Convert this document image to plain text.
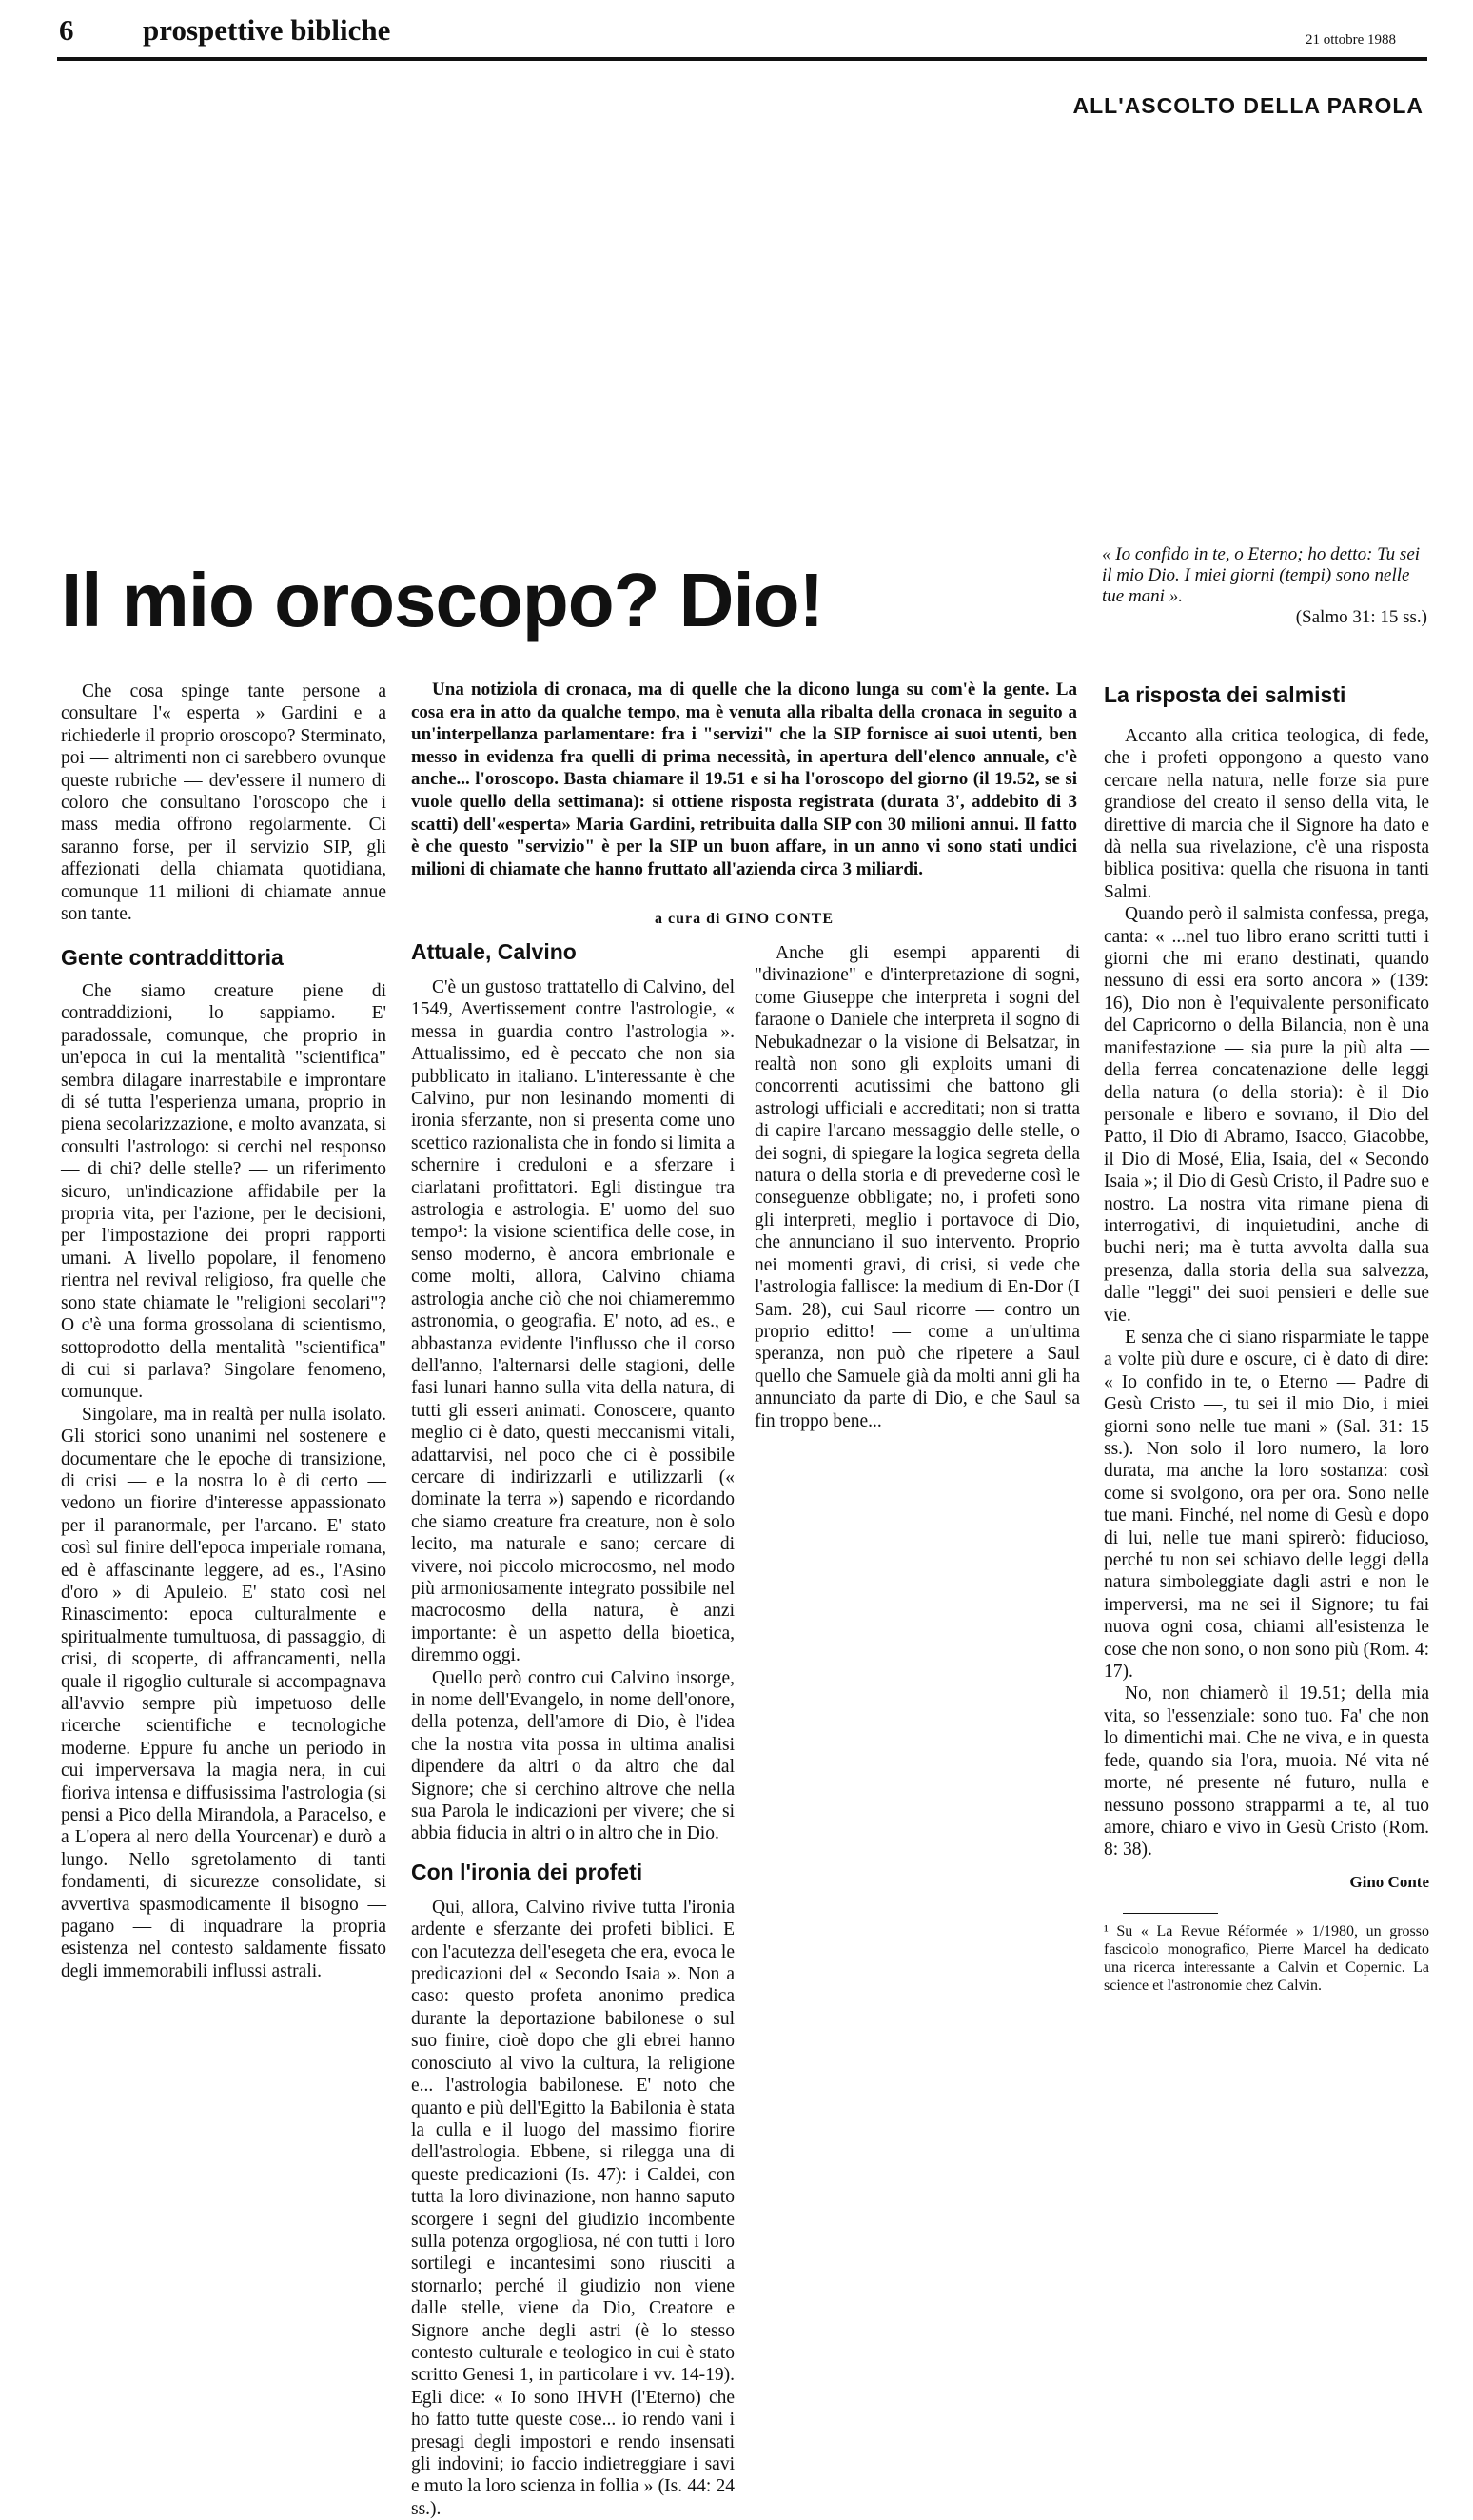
6 prospettive bibliche	21 ottobre 1988
ALL'ASCOLTO DELLA PAROLA
Il mio oroscopo? Dio!
« Io confido in te, o Eterno; ho detto: Tu sei il mio Dio. I miei giorni (tempi) sono nelle tue mani ».
(Salmo 31: 15 ss.)

Che cosa spinge tante persone a consultare l'« esperta » Gardini e a richiederle il proprio oroscopo? Sterminato, poi — altrimenti non ci sarebbero ovunque queste rubriche — dev'essere il numero di coloro che consultano l'oroscopo che i mass media offrono regolarmente. Ci saranno forse, per il servizio SIP, gli affezionati della chiamata quotidiana, comunque 11 milioni di chiamate annue son tante.

Una notiziola di cronaca, ma di quelle che la dicono lunga su com'è la gente. La cosa era in atto da qualche tempo, ma è venuta alla ribalta della cronaca in seguito a un'interpellanza parlamentare: fra i "servizi" che la SIP fornisce ai suoi utenti, ben messo in evidenza fra quelli di prima necessità, in apertura dell'elenco annuale, c'è anche... l'oroscopo. Basta chiamare il 19.51 e si ha l'oroscopo del giorno (il 19.52, se si vuole quello della settimana): si ottiene risposta registrata (durata 3', addebito di 3 scatti) dell'«esperta» Maria Gardini, retribuita dalla SIP con 30 milioni annui. Il fatto è che questo "servizio" è per la SIP un buon affare, in un anno vi sono stati undici milioni di chiamate che hanno fruttato all'azienda circa 3 miliardi.

a cura di GINO CONTE
Gente contraddittoria

Che siamo creature piene di contraddizioni, lo sappiamo. E' paradossale, comunque, che proprio in un'epoca in cui la mentalità "scientifica" sembra dilagare inarrestabile e improntare di sé tutta l'esperienza umana, proprio in piena secolarizzazione, e molto avanzata, si consulti l'astrologo: si cerchi nel responso — di chi? delle stelle? — un riferimento sicuro, un'indicazione affidabile per la propria vita, per l'azione, per le decisioni, per l'impostazione dei propri rapporti umani. A livello popolare, il fenomeno rientra nel revival religioso, fra quelle che sono state chiamate le "religioni secolari"? O c'è una forma grossolana di scientismo, sottoprodotto della mentalità "scientifica" di cui si parlava? Singolare fenomeno, comunque.

Singolare, ma in realtà per nulla isolato. Gli storici sono unanimi nel sostenere e documentare che le epoche di transizione, di crisi — e la nostra lo è di certo — vedono un fiorire d'interesse appassionato per il paranormale, per l'arcano. E' stato così sul finire dell'epoca imperiale romana, ed è affascinante leggere, ad es., l'Asino d'oro » di Apuleio. E' stato così nel Rinascimento: epoca culturalmente e spiritualmente tumultuosa, di passaggio, di crisi, di scoperte, di affrancamenti, nella quale il rigoglio culturale si accompagnava all'avvio sempre più impetuoso delle ricerche scientifiche e tecnologiche moderne. Eppure fu anche un periodo in cui imperversava la magia nera, in cui fioriva intensa e diffusissima l'astrologia (si pensi a Pico della Mirandola, a Paracelso, e a L'opera al nero della Yourcenar) e durò a lungo. Nello sgretolamento di tanti fondamenti, di sicurezze consolidate, si avvertiva spasmodicamente il bisogno — pagano — di inquadrare la propria esistenza nel contesto saldamente fissato degli immemorabili influssi astrali.

Attuale, Calvino

C'è un gustoso trattatello di Calvino, del 1549, Avertissement contre l'astrologie, « messa in guardia contro l'astrologia ». Attualissimo, ed è peccato che non sia pubblicato in italiano. L'interessante è che Calvino, pur non lesinando momenti di ironia sferzante, non si presenta come uno scettico razionalista che in fondo si limita a schernire i creduloni e a sferzare i ciarlatani profittatori. Egli distingue tra astrologia e astrologia. E' uomo del suo tempo¹: la visione scientifica delle cose, in senso moderno, è ancora embrionale e come molti, allora, Calvino chiama astrologia anche ciò che noi chiameremmo astronomia, o geografia. E' noto, ad es., e abbastanza evidente l'influsso che il corso dell'anno, l'alternarsi delle stagioni, delle fasi lunari hanno sulla vita della natura, di tutti gli esseri animati. Conoscere, quanto meglio ci è dato, questi meccanismi vitali, adattarvisi, nel poco che ci è possibile cercare di indirizzarli e utilizzarli (« dominate la terra ») sapendo e ricordando che siamo creature fra creature, non è solo lecito, ma naturale e sano; cercare di vivere, noi piccolo microcosmo, nel modo più armoniosamente integrato possibile nel macrocosmo della natura, è anzi importante: è un aspetto della bioetica, diremmo oggi.

Quello però contro cui Calvino insorge, in nome dell'Evangelo, in nome dell'onore, della potenza, dell'amore di Dio, è l'idea che la nostra vita possa in ultima analisi dipendere da altri o da altro che dal Signore; che si cerchino altrove che nella sua Parola le indicazioni per vivere; che si abbia fiducia in altri o in altro che in Dio.

Con l'ironia dei profeti

Qui, allora, Calvino rivive tutta l'ironia ardente e sferzante dei profeti biblici. E con l'acutezza dell'esegeta che era, evoca le predicazioni del « Secondo Isaia ». Non a caso: questo profeta anonimo predica durante la deportazione babilonese o sul suo finire, cioè dopo che gli ebrei hanno conosciuto al vivo la cultura, la religione e... l'astrologia babilonese. E' noto che quanto e più dell'Egitto la Babilonia è stata la culla e il luogo del massimo fiorire dell'astrologia. Ebbene, si rilegga una di queste predicazioni (Is. 47): i Caldei, con tutta la loro divinazione, non hanno saputo scorgere i segni del giudizio incombente sulla potenza orgogliosa, né con tutti i loro sortilegi e incantesimi sono riusciti a stornarlo; perché il giudizio non viene dalle stelle, viene da Dio, Creatore e Signore anche degli astri (è lo stesso contesto culturale e teologico in cui è stato scritto Genesi 1, in particolare i vv. 14-19). Egli dice: « Io sono IHVH (l'Eterno) che ho fatto tutte queste cose... io rendo vani i presagi degli impostori e rendo insensati gli indovini; io faccio indietreggiare i savi e muto la loro scienza in follia » (Is. 44: 24 ss.).

Anche gli esempi apparenti di "divinazione" e d'interpretazione di sogni, come Giuseppe che interpreta i sogni del faraone o Daniele che interpreta il sogno di Nebukadnezar o la visione di Belsatzar, in realtà non sono gli exploits umani di concorrenti acutissimi che battono gli astrologi ufficiali e accreditati; non si tratta di capire l'arcano messaggio delle stelle, o dei sogni, di spiegare la logica segreta della natura o della storia e di prevederne così le conseguenze obbligate; no, i profeti sono gli interpreti, meglio i portavoce di Dio, che annunciano il suo intervento. Proprio nei momenti gravi, di crisi, si vede che l'astrologia fallisce: la medium di En-Dor (I Sam. 28), cui Saul ricorre — contro un proprio editto! — come a un'ultima speranza, non può che ripetere a Saul quello che Samuele già da molti anni gli ha annunciato da parte di Dio, e che Saul sa fin troppo bene...

La risposta dei salmisti

Accanto alla critica teologica, di fede, che i profeti oppongono a questo vano cercare nella natura, nelle forze sia pure grandiose del creato il senso della vita, le direttive di marcia che il Signore ha dato e dà nella sua rivelazione, c'è una risposta biblica positiva: quella che risuona in tanti Salmi.

Quando però il salmista confessa, prega, canta: « ...nel tuo libro erano scritti tutti i giorni che mi erano destinati, quando nessuno di essi era sorto ancora » (139: 16), Dio non è l'equivalente personificato del Capricorno o della Bilancia, non è una manifestazione — sia pure la più alta — della ferrea concatenazione delle leggi della natura (o della storia): è il Dio personale e libero e sovrano, il Dio del Patto, il Dio di Abramo, Isacco, Giacobbe, il Dio di Mosé, Elia, Isaia, del « Secondo Isaia »; il Dio di Gesù Cristo, il Padre suo e nostro. La nostra vita rimane piena di interrogativi, di inquietudini, anche di buchi neri; ma è tutta avvolta dalla sua presenza, dalla storia della sua salvezza, dalle "leggi" dei suoi pensieri e delle sue vie.

E senza che ci siano risparmiate le tappe a volte più dure e oscure, ci è dato di dire: « Io confido in te, o Eterno — Padre di Gesù Cristo —, tu sei il mio Dio, i miei giorni sono nelle tue mani » (Sal. 31: 15 ss.). Non solo il loro numero, la loro durata, ma anche la loro sostanza: così come si svolgono, ora per ora. Sono nelle tue mani. Finché, nel nome di Gesù e dopo di lui, nelle tue mani spirerò: fiducioso, perché tu non sei schiavo delle leggi della natura simboleggiate dagli astri e non le imperversi, ma ne sei il Signore; tu fai nuova ogni cosa, chiami all'esistenza le cose che non sono, o non sono più (Rom. 4: 17).

No, non chiamerò il 19.51; della mia vita, so l'essenziale: sono tuo. Fa' che non lo dimentichi mai. Che ne viva, e in questa fede, quando sia l'ora, muoia. Né vita né morte, né presente né futuro, nulla e nessuno possono strapparmi a te, al tuo amore, chiaro e vivo in Gesù Cristo (Rom. 8: 38).

Gino Conte
¹ Su « La Revue Réformée » 1/1980, un grosso fascicolo monografico, Pierre Marcel ha dedicato una ricerca interessante a Calvin et Copernic. La science et l'astronomie chez Calvin.
